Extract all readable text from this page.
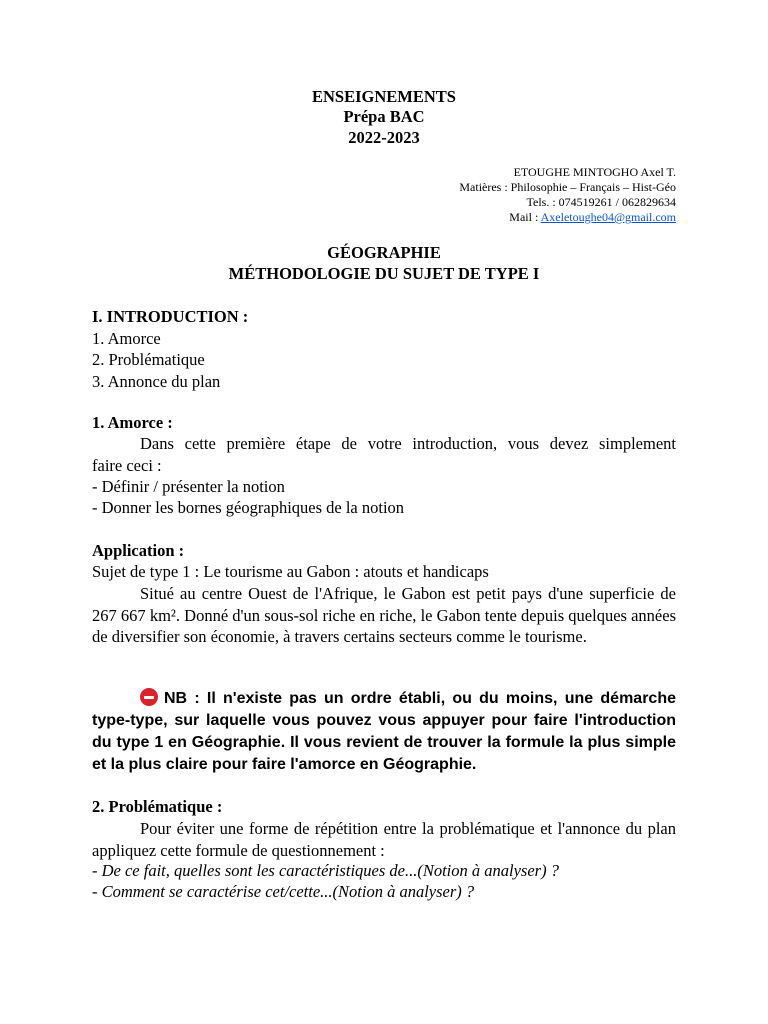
ENSEIGNEMENTS
Prépa BAC
2022-2023
ETOUGHE MINTOGHO Axel T.
Matières : Philosophie – Français – Hist-Géo
Tels. : 074519261 / 062829634
Mail : Axeletoughe04@gmail.com
GÉOGRAPHIE
MÉTHODOLOGIE DU SUJET DE TYPE I
I. INTRODUCTION :
1. Amorce
2. Problématique
3. Annonce du plan
1. Amorce :
Dans cette première étape de votre introduction, vous devez simplement
faire ceci :
- Définir / présenter la notion
- Donner les bornes géographiques de la notion
Application :
Sujet de type 1 : Le tourisme au Gabon : atouts et handicaps
Situé au centre Ouest de l'Afrique, le Gabon est petit pays d'une superficie de 267 667 km². Donné d'un sous-sol riche en riche, le Gabon tente depuis quelques années de diversifier son économie, à travers certains secteurs comme le tourisme.
NB : Il n'existe pas un ordre établi, ou du moins, une démarche type-type, sur laquelle vous pouvez vous appuyer pour faire l'introduction du type 1 en Géographie. Il vous revient de trouver la formule la plus simple et la plus claire pour faire l'amorce en Géographie.
2. Problématique :
Pour éviter une forme de répétition entre la problématique et l'annonce du plan appliquez cette formule de questionnement :
- De ce fait, quelles sont les caractéristiques de...(Notion à analyser) ?
- Comment se caractérise cet/cette...(Notion à analyser) ?
